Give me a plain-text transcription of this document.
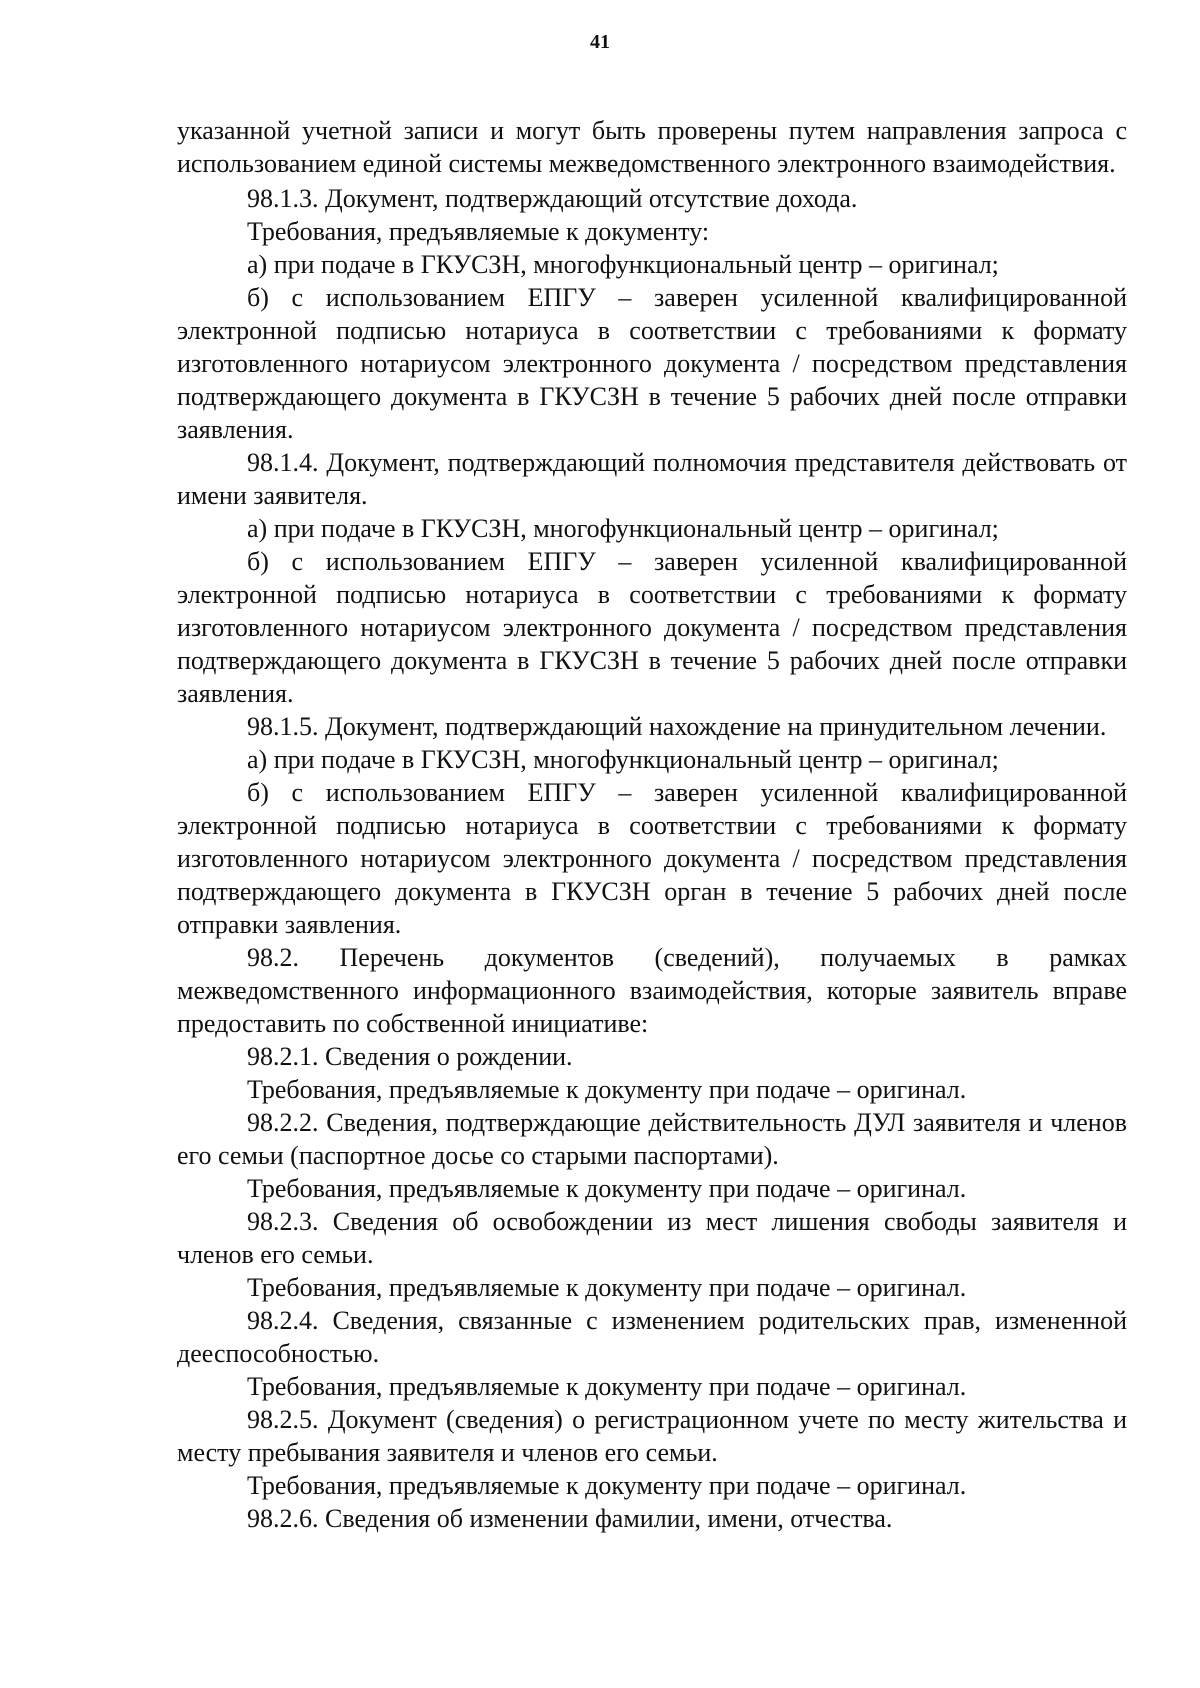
41

указанной учетной записи и могут быть проверены путем направления запроса с использованием единой системы межведомственного электронного взаимодействия.

98.1.3. Документ, подтверждающий отсутствие дохода.

Требования, предъявляемые к документу:

а) при подаче в ГКУСЗН, многофункциональный центр – оригинал;

б) с использованием ЕПГУ – заверен усиленной квалифицированной электронной подписью нотариуса в соответствии с требованиями к формату изготовленного нотариусом электронного документа / посредством представления подтверждающего документа в ГКУСЗН в течение 5 рабочих дней после отправки заявления.

98.1.4. Документ, подтверждающий полномочия представителя действовать от имени заявителя.

а) при подаче в ГКУСЗН, многофункциональный центр – оригинал;

б) с использованием ЕПГУ – заверен усиленной квалифицированной электронной подписью нотариуса в соответствии с требованиями к формату изготовленного нотариусом электронного документа / посредством представления подтверждающего документа в ГКУСЗН в течение 5 рабочих дней после отправки заявления.

98.1.5. Документ, подтверждающий нахождение на принудительном лечении.

а) при подаче в ГКУСЗН, многофункциональный центр – оригинал;

б) с использованием ЕПГУ – заверен усиленной квалифицированной электронной подписью нотариуса в соответствии с требованиями к формату изготовленного нотариусом электронного документа / посредством представления подтверждающего документа в ГКУСЗН орган в течение 5 рабочих дней после отправки заявления.

98.2. Перечень документов (сведений), получаемых в рамках межведомственного информационного взаимодействия, которые заявитель вправе предоставить по собственной инициативе:

98.2.1. Сведения о рождении.

Требования, предъявляемые к документу при подаче – оригинал.

98.2.2. Сведения, подтверждающие действительность ДУЛ заявителя и членов его семьи (паспортное досье со старыми паспортами).

Требования, предъявляемые к документу при подаче – оригинал.

98.2.3. Сведения об освобождении из мест лишения свободы заявителя и членов его семьи.

Требования, предъявляемые к документу при подаче – оригинал.

98.2.4. Сведения, связанные с изменением родительских прав, измененной дееспособностью.

Требования, предъявляемые к документу при подаче – оригинал.

98.2.5. Документ (сведения) о регистрационном учете по месту жительства и месту пребывания заявителя и членов его семьи.

Требования, предъявляемые к документу при подаче – оригинал.

98.2.6. Сведения об изменении фамилии, имени, отчества.
